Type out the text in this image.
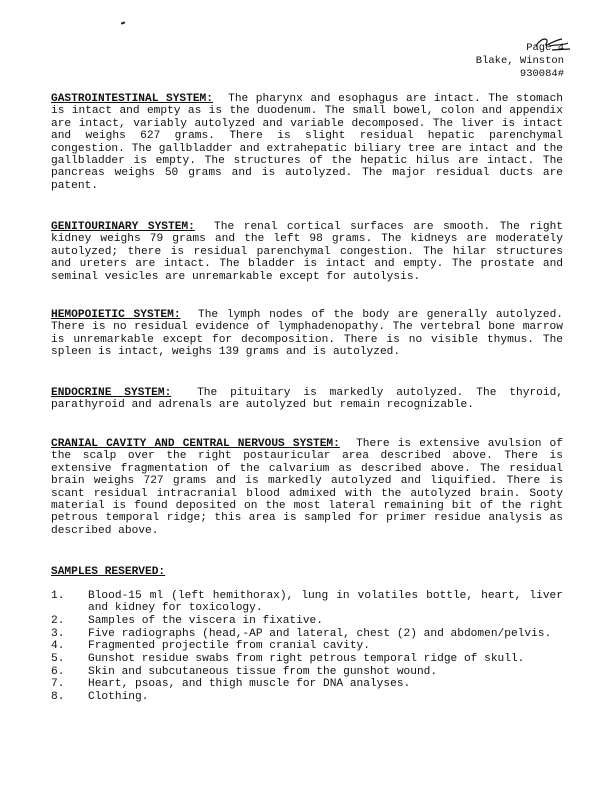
Page 4
Blake, Winston
930084#
GASTROINTESTINAL SYSTEM: The pharynx and esophagus are intact. The stomach is intact and empty as is the duodenum. The small bowel, colon and appendix are intact, variably autolyzed and variable decomposed. The liver is intact and weighs 627 grams. There is slight residual hepatic parenchymal congestion. The gallbladder and extrahepatic biliary tree are intact and the gallbladder is empty. The structures of the hepatic hilus are intact. The pancreas weighs 50 grams and is autolyzed. The major residual ducts are patent.
GENITOURINARY SYSTEM: The renal cortical surfaces are smooth. The right kidney weighs 79 grams and the left 98 grams. The kidneys are moderately autolyzed; there is residual parenchymal congestion. The hilar structures and ureters are intact. The bladder is intact and empty. The prostate and seminal vesicles are unremarkable except for autolysis.
HEMOPOIETIC SYSTEM: The lymph nodes of the body are generally autolyzed. There is no residual evidence of lymphadenopathy. The vertebral bone marrow is unremarkable except for decomposition. There is no visible thymus. The spleen is intact, weighs 139 grams and is autolyzed.
ENDOCRINE SYSTEM: The pituitary is markedly autolyzed. The thyroid, parathyroid and adrenals are autolyzed but remain recognizable.
CRANIAL CAVITY AND CENTRAL NERVOUS SYSTEM: There is extensive avulsion of the scalp over the right postauricular area described above. There is extensive fragmentation of the calvarium as described above. The residual brain weighs 727 grams and is markedly autolyzed and liquified. There is scant residual intracranial blood admixed with the autolyzed brain. Sooty material is found deposited on the most lateral remaining bit of the right petrous temporal ridge; this area is sampled for primer residue analysis as described above.
SAMPLES RESERVED:
1.	Blood-15 ml (left hemithorax), lung in volatiles bottle, heart, liver and kidney for toxicology.
2.	Samples of the viscera in fixative.
3.	Five radiographs (head,-AP and lateral, chest (2) and abdomen/pelvis.
4.	Fragmented projectile from cranial cavity.
5.	Gunshot residue swabs from right petrous temporal ridge of skull.
6.	Skin and subcutaneous tissue from the gunshot wound.
7.	Heart, psoas, and thigh muscle for DNA analyses.
8.	Clothing.
